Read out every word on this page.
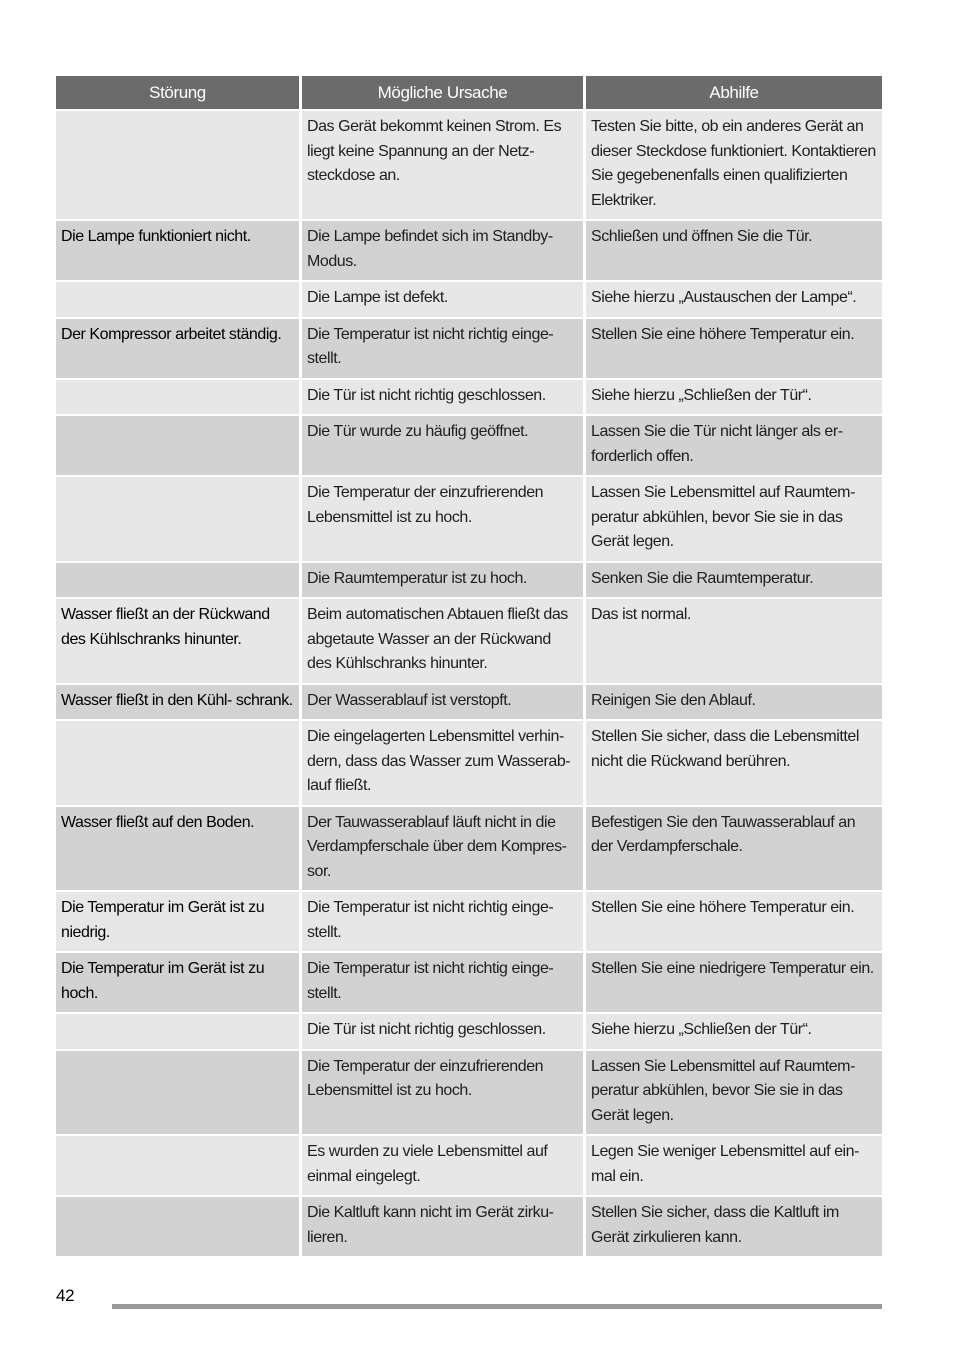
Störung	Mögliche Ursache	Abhilfe
	Das Gerät bekommt keinen Strom. Es liegt keine Spannung an der Netz- steckdose an.	Testen Sie bitte, ob ein anderes Gerät an dieser Steckdose funktioniert. Kontaktieren Sie gegebenenfalls einen qualifizierten Elektriker.
Die Lampe funktioniert nicht.	Die Lampe befindet sich im Standby- Modus.	Schließen und öffnen Sie die Tür.
	Die Lampe ist defekt.	Siehe hierzu „Austauschen der Lampe“.
Der Kompressor arbeitet ständig.	Die Temperatur ist nicht richtig einge- stellt.	Stellen Sie eine höhere Temperatur ein.
	Die Tür ist nicht richtig geschlossen.	Siehe hierzu „Schließen der Tür“.
	Die Tür wurde zu häufig geöffnet.	Lassen Sie die Tür nicht länger als er- forderlich offen.
	Die Temperatur der einzufrierenden Lebensmittel ist zu hoch.	Lassen Sie Lebensmittel auf Raumtem- peratur abkühlen, bevor Sie sie in das Gerät legen.
	Die Raumtemperatur ist zu hoch.	Senken Sie die Raumtemperatur.
Wasser fließt an der Rückwand des Kühlschranks hinunter.	Beim automatischen Abtauen fließt das abgetaute Wasser an der Rückwand des Kühlschranks hinunter.	Das ist normal.
Wasser fließt in den Kühl- schrank.	Der Wasserablauf ist verstopft.	Reinigen Sie den Ablauf.
	Die eingelagerten Lebensmittel verhin- dern, dass das Wasser zum Wasserab- lauf fließt.	Stellen Sie sicher, dass die Lebensmittel nicht die Rückwand berühren.
Wasser fließt auf den Boden.	Der Tauwasserablauf läuft nicht in die Verdampferschale über dem Kompres- sor.	Befestigen Sie den Tauwasserablauf an der Verdampferschale.
Die Temperatur im Gerät ist zu niedrig.	Die Temperatur ist nicht richtig einge- stellt.	Stellen Sie eine höhere Temperatur ein.
Die Temperatur im Gerät ist zu hoch.	Die Temperatur ist nicht richtig einge- stellt.	Stellen Sie eine niedrigere Temperatur ein.
	Die Tür ist nicht richtig geschlossen.	Siehe hierzu „Schließen der Tür“.
	Die Temperatur der einzufrierenden Lebensmittel ist zu hoch.	Lassen Sie Lebensmittel auf Raumtem- peratur abkühlen, bevor Sie sie in das Gerät legen.
	Es wurden zu viele Lebensmittel auf einmal eingelegt.	Legen Sie weniger Lebensmittel auf ein- mal ein.
	Die Kaltluft kann nicht im Gerät zirku- lieren.	Stellen Sie sicher, dass die Kaltluft im Gerät zirkulieren kann.
42
